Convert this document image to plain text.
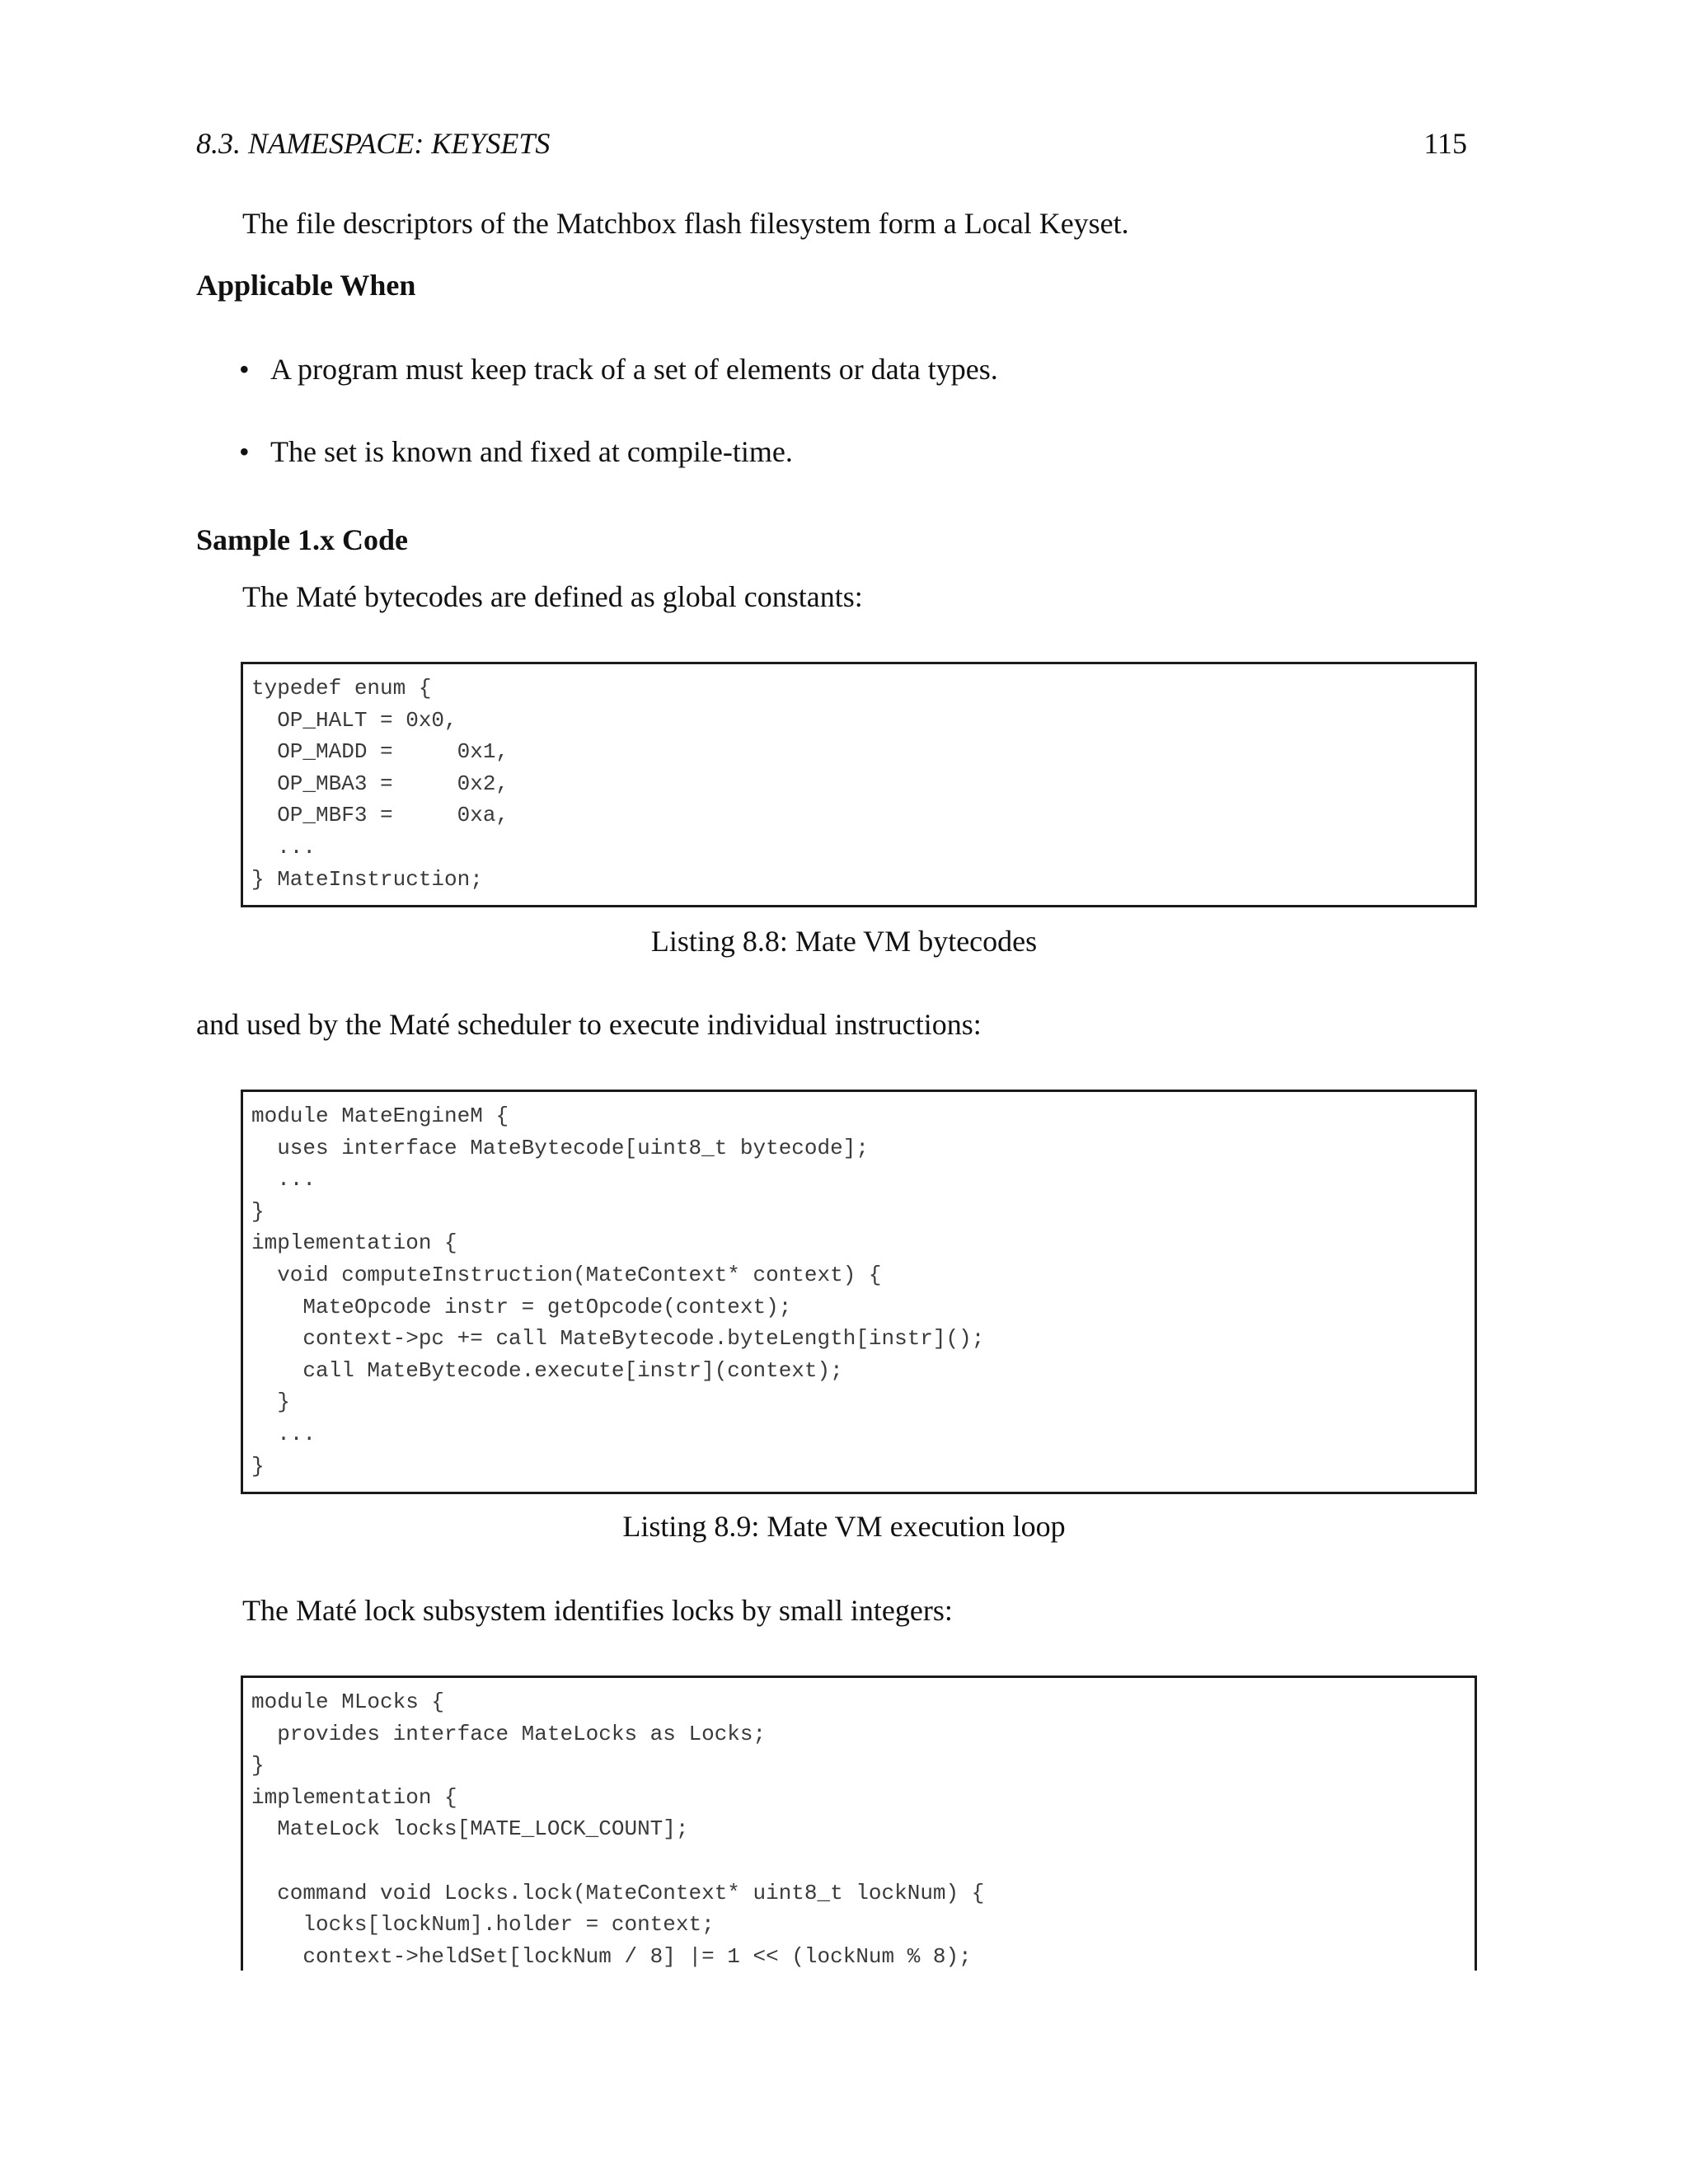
8.3. NAMESPACE: KEYSETS	115
The file descriptors of the Matchbox flash filesystem form a Local Keyset.
Applicable When
• A program must keep track of a set of elements or data types.
• The set is known and fixed at compile-time.
Sample 1.x Code
The Maté bytecodes are defined as global constants:
typedef enum {
OP_HALT = 0x0,
OP_MADD =     0x1,
OP_MBA3 =     0x2,
OP_MBF3 =     0xa,
...
} MateInstruction;
Listing 8.8: Mate VM bytecodes
and used by the Maté scheduler to execute individual instructions:
module MateEngineM {
uses interface MateBytecode[uint8_t bytecode];
...
}
implementation {
void computeInstruction(MateContext* context) {
MateOpcode instr = getOpcode(context);
context->pc += call MateBytecode.byteLength[instr]();
call MateBytecode.execute[instr](context);
}
...
}
Listing 8.9: Mate VM execution loop
The Maté lock subsystem identifies locks by small integers:
module MLocks {
provides interface MateLocks as Locks;
}
implementation {
MateLock locks[MATE_LOCK_COUNT];

command void Locks.lock(MateContext* uint8_t lockNum) {
locks[lockNum].holder = context;
context->heldSet[lockNum / 8] |= 1 << (lockNum % 8);
